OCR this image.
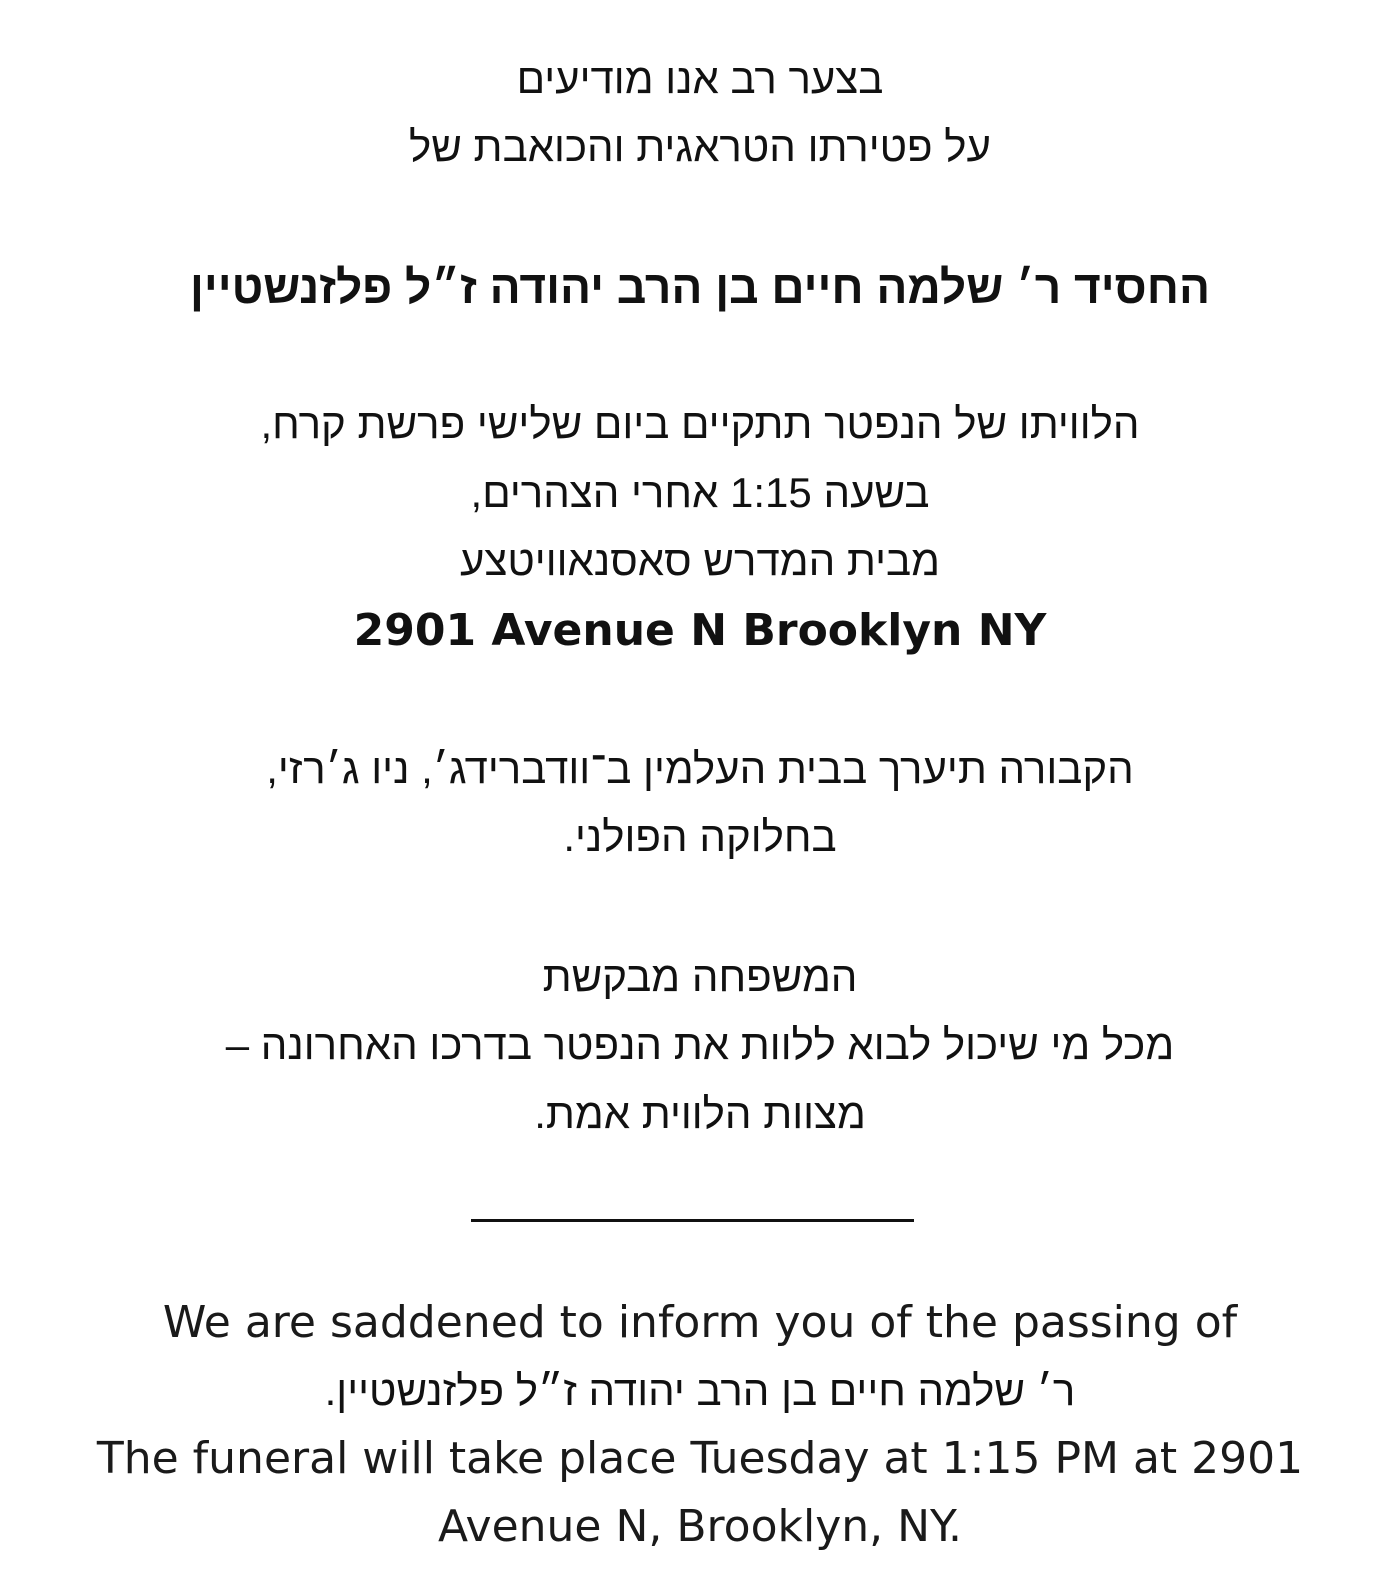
בצער רב אנו מודיעים
על פטירתו הטראגית והכואבת של
החסיד ר׳ שלמה חיים בן הרב יהודה ז״ל פלזנשטיין
הלוויתו של הנפטר תתקיים ביום שלישי פרשת קרח,
בשעה 1:15 אחרי הצהרים,
מבית המדרש סאסנאוויטצע
2901 Avenue N Brooklyn NY
הקבורה תיערך בבית העלמין ב־וודברידג׳, ניו ג׳רזי,
בחלוקה הפולני.
המשפחה מבקשת
מכל מי שיכול לבוא ללוות את הנפטר בדרכו האחרונה –
מצוות הלווית אמת.
We are saddened to inform you of the passing of
ר׳ שלמה חיים בן הרב יהודה ז״ל פלזנשטיין.
The funeral will take place Tuesday at 1:15 PM at 2901
Avenue N, Brooklyn, NY.
